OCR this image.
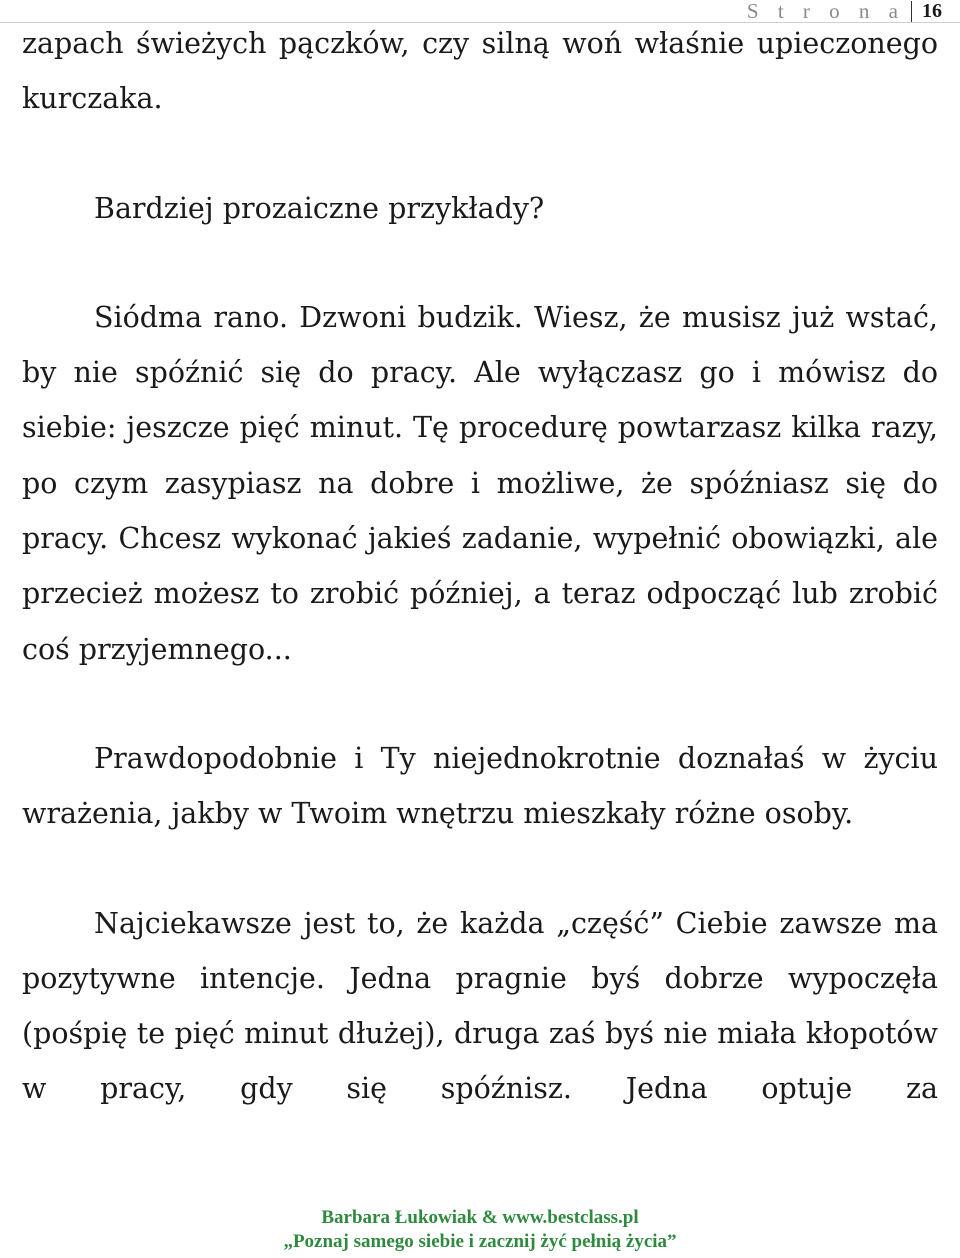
S t r o n a 16

zapach świeżych pączków, czy silną woń właśnie upieczonego kurczaka.

Bardziej prozaiczne przykłady?

Siódma rano. Dzwoni budzik. Wiesz, że musisz już wstać, by nie spóźnić się do pracy. Ale wyłączasz go i mówisz do siebie: jeszcze pięć minut. Tę procedurę powtarzasz kilka razy, po czym zasypiasz na dobre i możliwe, że spóźniasz się do pracy. Chcesz wykonać jakieś zadanie, wypełnić obowiązki, ale przecież możesz to zrobić później, a teraz odpocząć lub zrobić coś przyjemnego...

Prawdopodobnie i Ty niejednokrotnie doznałaś w życiu wrażenia, jakby w Twoim wnętrzu mieszkały różne osoby.

Najciekawsze jest to, że każda „część” Ciebie zawsze ma pozytywne intencje. Jedna pragnie byś dobrze wypoczęła (pośpię te pięć minut dłużej), druga zaś byś nie miała kłopotów w pracy, gdy się spóźnisz. Jedna optuje za

Barbara Łukowiak & www.bestclass.pl
„Poznaj samego siebie i zacznij żyć pełnią życia”
